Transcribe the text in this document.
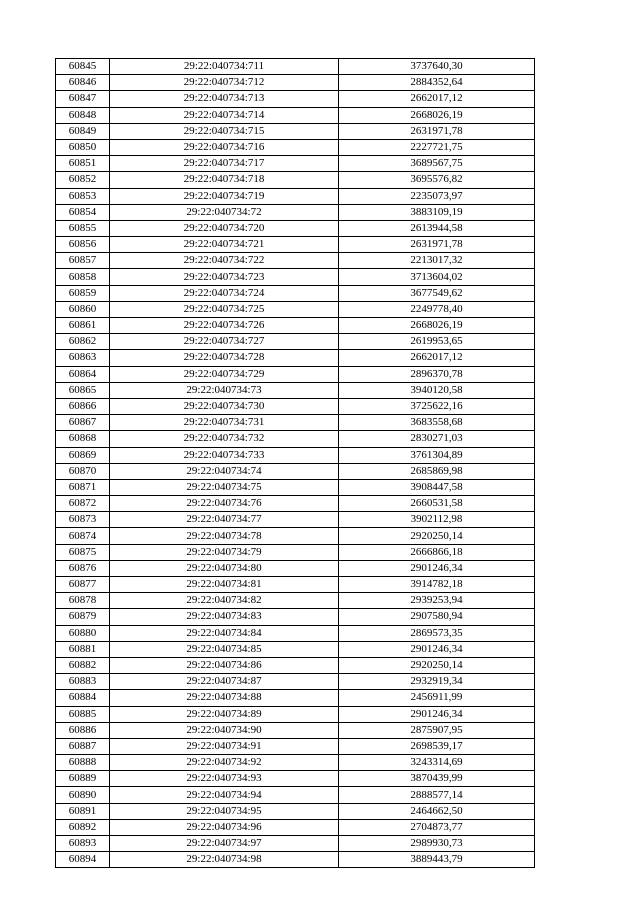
60845	29:22:040734:711	3737640,30
60846	29:22:040734:712	2884352,64
60847	29:22:040734:713	2662017,12
60848	29:22:040734:714	2668026,19
60849	29:22:040734:715	2631971,78
60850	29:22:040734:716	2227721,75
60851	29:22:040734:717	3689567,75
60852	29:22:040734:718	3695576,82
60853	29:22:040734:719	2235073,97
60854	29:22:040734:72	3883109,19
60855	29:22:040734:720	2613944,58
60856	29:22:040734:721	2631971,78
60857	29:22:040734:722	2213017,32
60858	29:22:040734:723	3713604,02
60859	29:22:040734:724	3677549,62
60860	29:22:040734:725	2249778,40
60861	29:22:040734:726	2668026,19
60862	29:22:040734:727	2619953,65
60863	29:22:040734:728	2662017,12
60864	29:22:040734:729	2896370,78
60865	29:22:040734:73	3940120,58
60866	29:22:040734:730	3725622,16
60867	29:22:040734:731	3683558,68
60868	29:22:040734:732	2830271,03
60869	29:22:040734:733	3761304,89
60870	29:22:040734:74	2685869,98
60871	29:22:040734:75	3908447,58
60872	29:22:040734:76	2660531,58
60873	29:22:040734:77	3902112,98
60874	29:22:040734:78	2920250,14
60875	29:22:040734:79	2666866,18
60876	29:22:040734:80	2901246,34
60877	29:22:040734:81	3914782,18
60878	29:22:040734:82	2939253,94
60879	29:22:040734:83	2907580,94
60880	29:22:040734:84	2869573,35
60881	29:22:040734:85	2901246,34
60882	29:22:040734:86	2920250,14
60883	29:22:040734:87	2932919,34
60884	29:22:040734:88	2456911,99
60885	29:22:040734:89	2901246,34
60886	29:22:040734:90	2875907,95
60887	29:22:040734:91	2698539,17
60888	29:22:040734:92	3243314,69
60889	29:22:040734:93	3870439,99
60890	29:22:040734:94	2888577,14
60891	29:22:040734:95	2464662,50
60892	29:22:040734:96	2704873,77
60893	29:22:040734:97	2989930,73
60894	29:22:040734:98	3889443,79
